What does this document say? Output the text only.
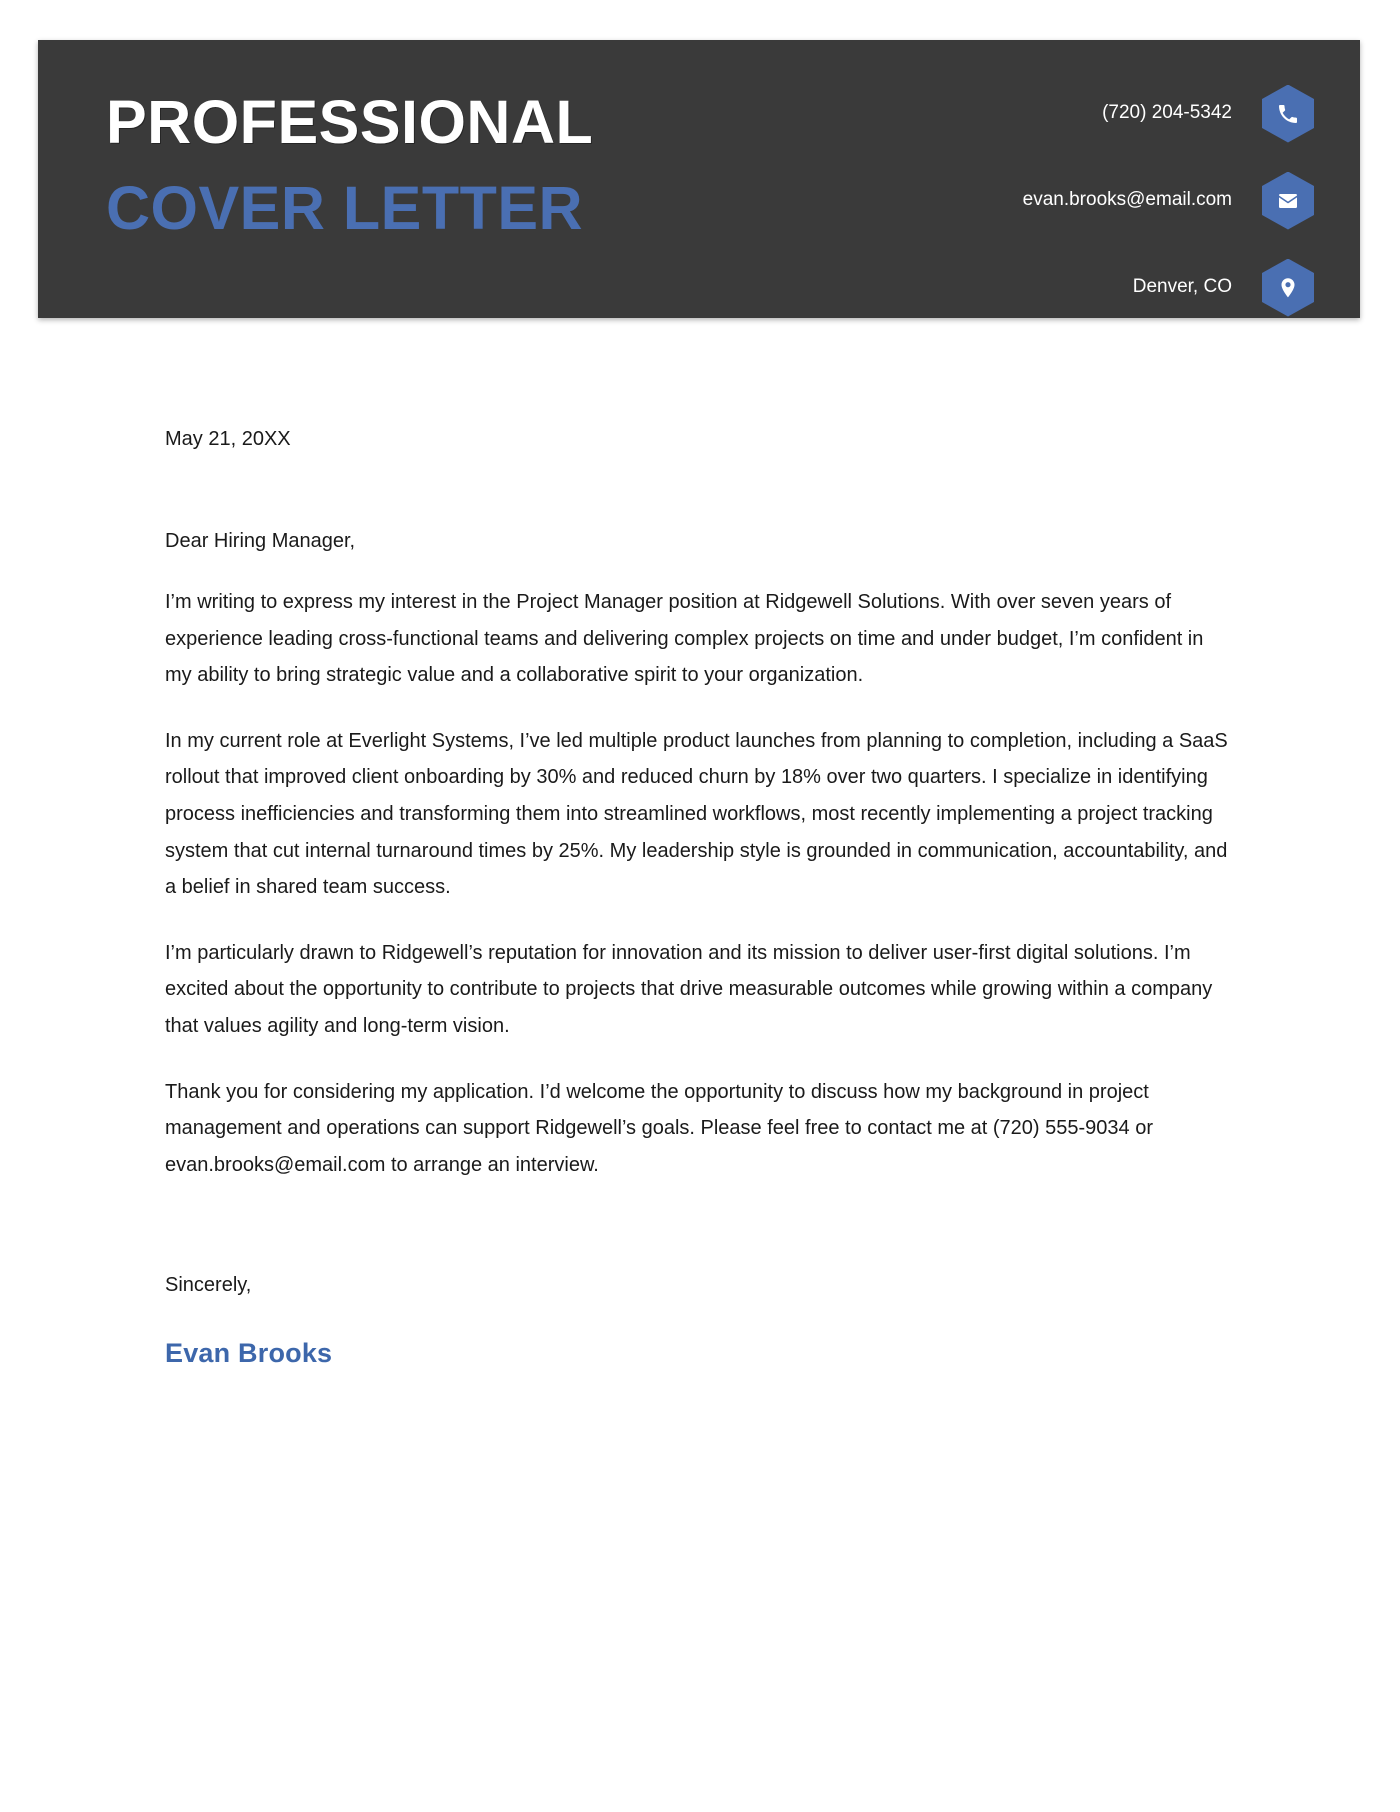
PROFESSIONAL
COVER LETTER
(720) 204-5342
evan.brooks@email.com
Denver, CO

May 21, 20XX

Dear Hiring Manager,

I’m writing to express my interest in the Project Manager position at Ridgewell Solutions. With over seven years of experience leading cross-functional teams and delivering complex projects on time and under budget, I’m confident in my ability to bring strategic value and a collaborative spirit to your organization.

In my current role at Everlight Systems, I’ve led multiple product launches from planning to completion, including a SaaS rollout that improved client onboarding by 30% and reduced churn by 18% over two quarters. I specialize in identifying process inefficiencies and transforming them into streamlined workflows, most recently implementing a project tracking system that cut internal turnaround times by 25%. My leadership style is grounded in communication, accountability, and a belief in shared team success.

I’m particularly drawn to Ridgewell’s reputation for innovation and its mission to deliver user-first digital solutions. I’m excited about the opportunity to contribute to projects that drive measurable outcomes while growing within a company that values agility and long-term vision.

Thank you for considering my application. I’d welcome the opportunity to discuss how my background in project management and operations can support Ridgewell’s goals. Please feel free to contact me at (720) 555-9034 or evan.brooks@email.com to arrange an interview.

Sincerely,

Evan Brooks
